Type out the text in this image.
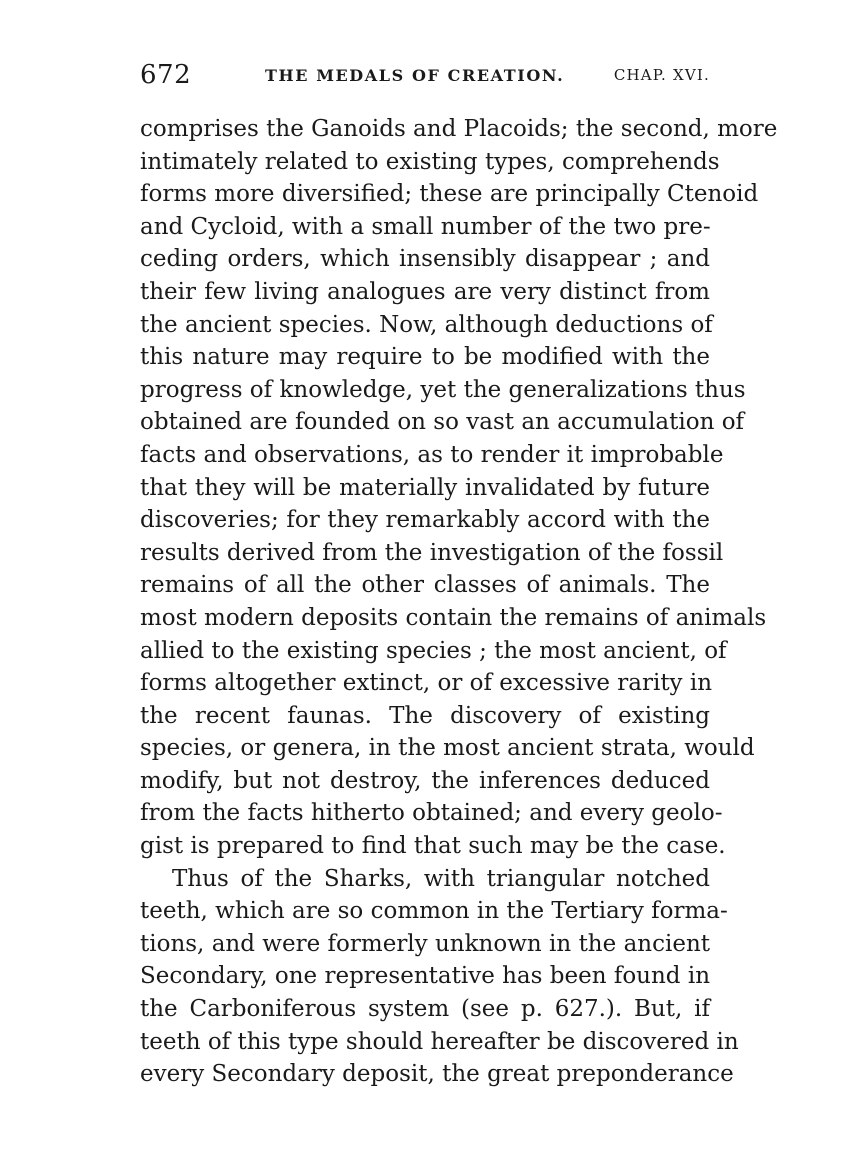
672	THE MEDALS OF CREATION.	CHAP. XVI.
comprises the Ganoids and Placoids; the second, more
intimately related to existing types, comprehends
forms more diversified; these are principally Ctenoid
and Cycloid, with a small number of the two pre-
ceding orders, which insensibly disappear ; and
their few living analogues are very distinct from
the ancient species. Now, although deductions of
this nature may require to be modified with the
progress of knowledge, yet the generalizations thus
obtained are founded on so vast an accumulation of
facts and observations, as to render it improbable
that they will be materially invalidated by future
discoveries; for they remarkably accord with the
results derived from the investigation of the fossil
remains of all the other classes of animals. The
most modern deposits contain the remains of animals
allied to the existing species ; the most ancient, of
forms altogether extinct, or of excessive rarity in
the recent faunas. The discovery of existing
species, or genera, in the most ancient strata, would
modify, but not destroy, the inferences deduced
from the facts hitherto obtained; and every geolo-
gist is prepared to find that such may be the case.
Thus of the Sharks, with triangular notched
teeth, which are so common in the Tertiary forma-
tions, and were formerly unknown in the ancient
Secondary, one representative has been found in
the Carboniferous system (see p. 627.). But, if
teeth of this type should hereafter be discovered in
every Secondary deposit, the great preponderance
